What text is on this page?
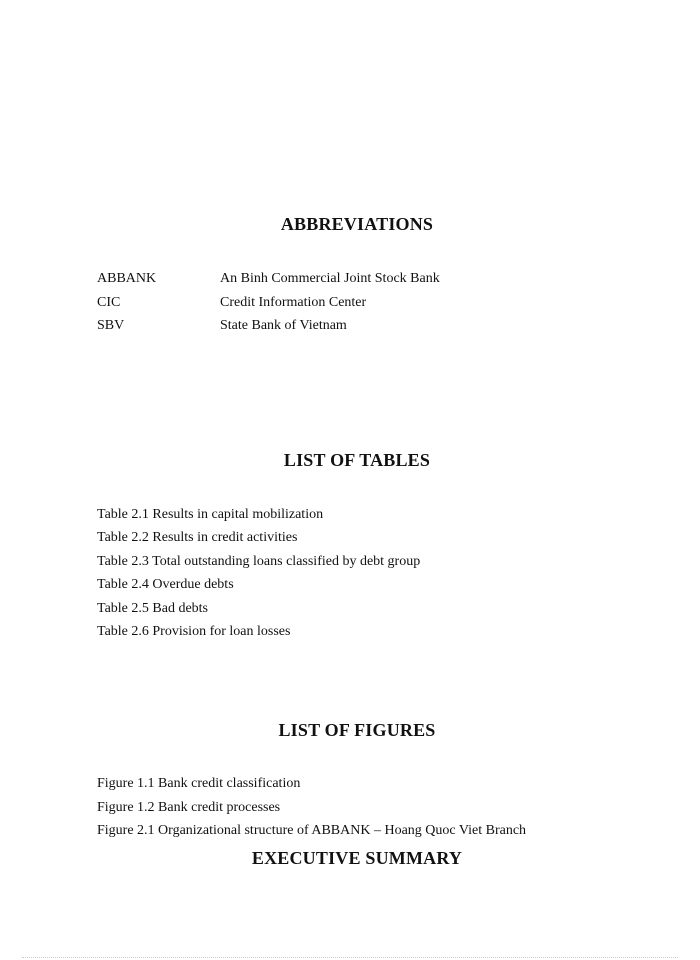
ABBREVIATIONS
ABBANK	An Binh Commercial Joint Stock Bank
CIC	Credit Information Center
SBV	State Bank of Vietnam
LIST OF TABLES

Table 2.1 Results in capital mobilization

Table 2.2 Results in credit activities

Table 2.3 Total outstanding loans classified by debt group

Table 2.4 Overdue debts

Table 2.5 Bad debts

Table 2.6 Provision for loan losses

LIST OF FIGURES

Figure 1.1 Bank credit classification

Figure 1.2 Bank credit processes

Figure 2.1 Organizational structure of ABBANK – Hoang Quoc Viet Branch

EXECUTIVE SUMMARY
